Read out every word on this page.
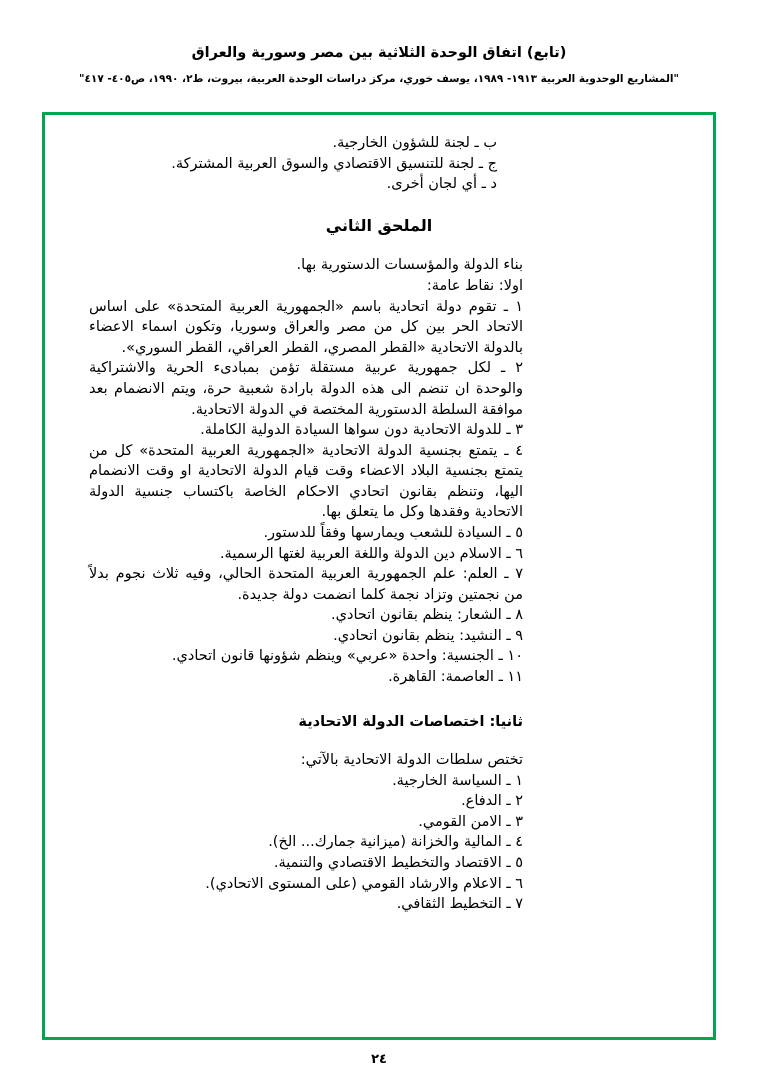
(تابع) اتفاق الوحدة الثلاثية بين مصر وسورية والعراق
"المشاريع الوحدوية العربية ١٩١٣- ١٩٨٩، يوسف خوري، مركز دراسات الوحدة العربية، بيروت، ط٢، ١٩٩٠، ص٤٠٥- ٤١٧"
ب ـ لجنة للشؤون الخارجية.
ج ـ لجنة للتنسيق الاقتصادي والسوق العربية المشتركة.
د ـ أي لجان أخرى.
الملحق الثاني
بناء الدولة والمؤسسات الدستورية بها.
اولا: نقاط عامة:
١ ـ تقوم دولة اتحادية باسم «الجمهورية العربية المتحدة» على اساس الاتحاد الحر بين كل من مصر والعراق وسوريا، وتكون اسماء الاعضاء بالدولة الاتحادية «القطر المصري، القطر العراقي، القطر السوري».
٢ ـ لكل جمهورية عربية مستقلة تؤمن بمبادىء الحرية والاشتراكية والوحدة ان تنضم الى هذه الدولة بارادة شعبية حرة، ويتم الانضمام بعد موافقة السلطة الدستورية المختصة في الدولة الاتحادية.
٣ ـ للدولة الاتحادية دون سواها السيادة الدولية الكاملة.
٤ ـ يتمتع بجنسية الدولة الاتحادية «الجمهورية العربية المتحدة» كل من يتمتع بجنسية البلاد الاعضاء وقت قيام الدولة الاتحادية او وقت الانضمام اليها، وتنظم بقانون اتحادي الاحكام الخاصة باكتساب جنسية الدولة الاتحادية وفقدها وكل ما يتعلق بها.
٥ ـ السيادة للشعب ويمارسها وفقاً للدستور.
٦ ـ الاسلام دين الدولة واللغة العربية لغتها الرسمية.
٧ ـ العلم: علم الجمهورية العربية المتحدة الحالي، وفيه ثلاث نجوم بدلاً من نجمتين وتزاد نجمة كلما انضمت دولة جديدة.
٨ ـ الشعار: ينظم بقانون اتحادي.
٩ ـ النشيد: ينظم بقانون اتحادي.
١٠ ـ الجنسية: واحدة «عربي» وينظم شؤونها قانون اتحادي.
١١ ـ العاصمة: القاهرة.
ثانيا: اختصاصات الدولة الاتحادية
تختص سلطات الدولة الاتحادية بالآتي:
١ ـ السياسة الخارجية.
٢ ـ الدفاع.
٣ ـ الامن القومي.
٤ ـ المالية والخزانة (ميزانية جمارك... الخ).
٥ ـ الاقتصاد والتخطيط الاقتصادي والتنمية.
٦ ـ الاعلام والارشاد القومي (على المستوى الاتحادي).
٧ ـ التخطيط الثقافي.
٢٤
